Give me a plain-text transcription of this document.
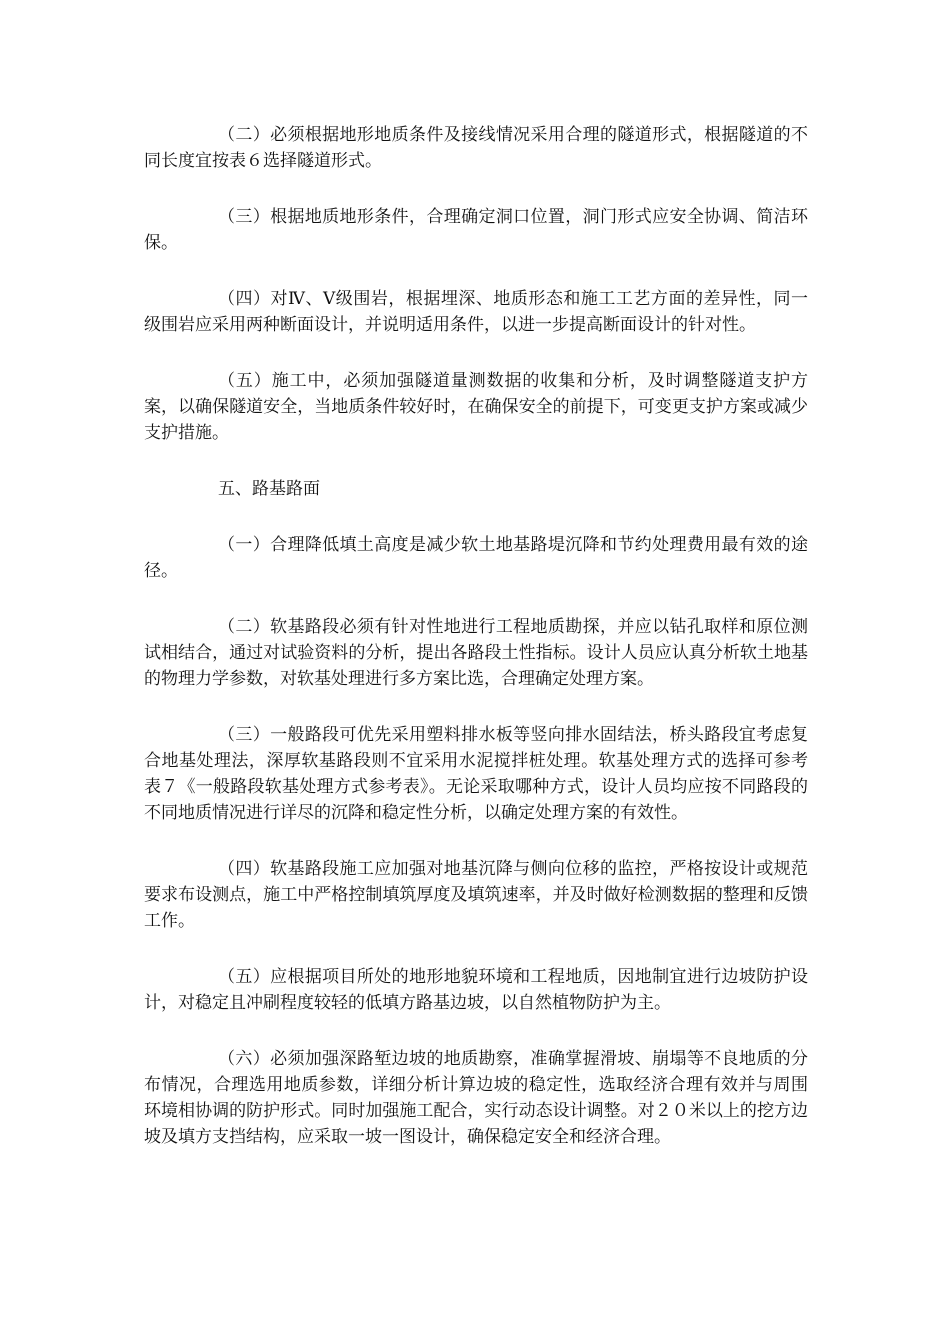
（二）必须根据地形地质条件及接线情况采用合理的隧道形式，根据隧道的不同长度宜按表６选择隧道形式。

（三）根据地质地形条件，合理确定洞口位置，洞门形式应安全协调、简洁环保。

（四）对Ⅳ、Ⅴ级围岩，根据埋深、地质形态和施工工艺方面的差异性，同一级围岩应采用两种断面设计，并说明适用条件，以进一步提高断面设计的针对性。

（五）施工中，必须加强隧道量测数据的收集和分析，及时调整隧道支护方案，以确保隧道安全，当地质条件较好时，在确保安全的前提下，可变更支护方案或减少支护措施。

五、路基路面

（一）合理降低填土高度是减少软土地基路堤沉降和节约处理费用最有效的途径。

（二）软基路段必须有针对性地进行工程地质勘探，并应以钻孔取样和原位测试相结合，通过对试验资料的分析，提出各路段土性指标。设计人员应认真分析软土地基的物理力学参数，对软基处理进行多方案比选，合理确定处理方案。

（三）一般路段可优先采用塑料排水板等竖向排水固结法，桥头路段宜考虑复合地基处理法，深厚软基路段则不宜采用水泥搅拌桩处理。软基处理方式的选择可参考 表７《一般路段软基处理方式参考表》。无论采取哪种方式，设计人员均应按不同路段的不同地质情况进行详尽的沉降和稳定性分析，以确定处理方案的有效性。

（四）软基路段施工应加强对地基沉降与侧向位移的监控，严格按设计或规范要求布设测点，施工中严格控制填筑厚度及填筑速率，并及时做好检测数据的整理和反馈工作。

（五）应根据项目所处的地形地貌环境和工程地质，因地制宜进行边坡防护设计，对稳定且冲刷程度较轻的低填方路基边坡，以自然植物防护为主。

（六）必须加强深路堑边坡的地质勘察，准确掌握滑坡、崩塌等不良地质的分布情况，合理选用地质参数，详细分析计算边坡的稳定性，选取经济合理有效并与周围 环境相协调的防护形式。同时加强施工配合，实行动态设计调整。对２０米以上的挖方边坡及填方支挡结构，应采取一坡一图设计，确保稳定安全和经济合理。
